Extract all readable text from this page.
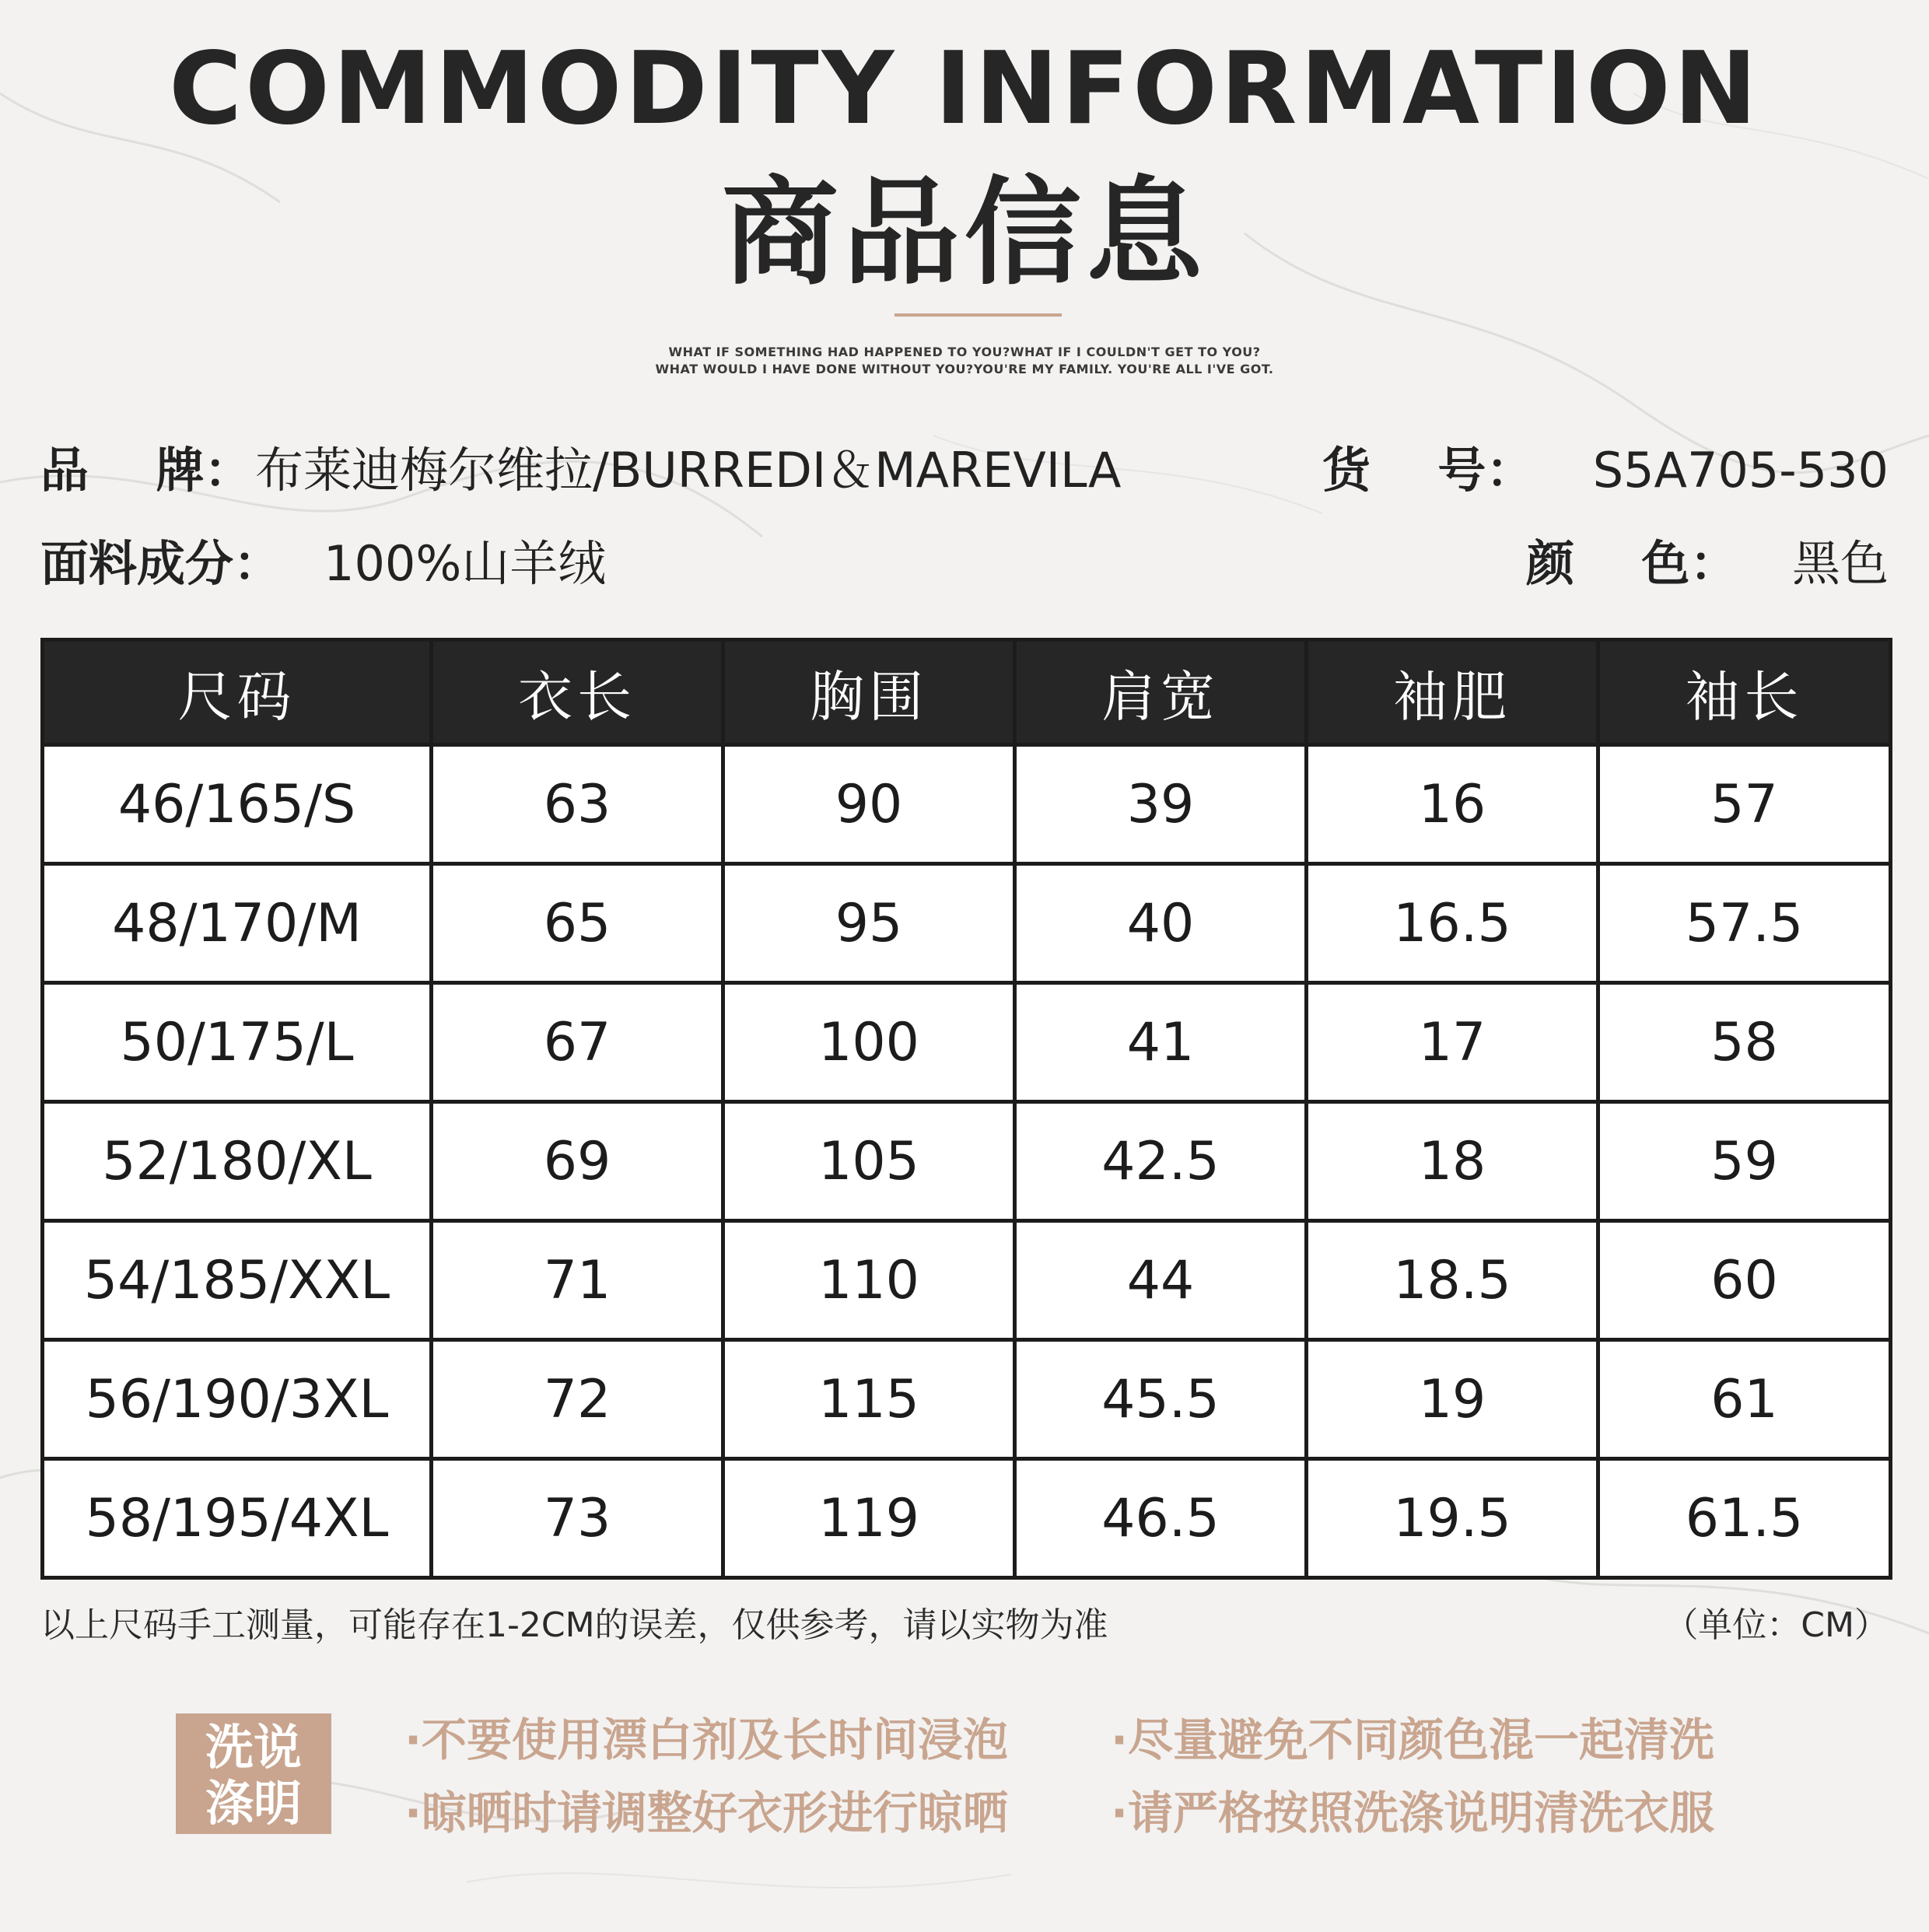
COMMODITY INFORMATION
商品信息
WHAT IF SOMETHING HAD HAPPENED TO YOU?WHAT IF I COULDN'T GET TO YOU?
WHAT WOULD I HAVE DONE WITHOUT YOU?YOU'RE MY FAMILY. YOU'RE ALL I'VE GOT.
品    牌： 布莱迪梅尔维拉/BURREDI＆MAREVILA	货    号： S5A705-530
面料成分： 100%山羊绒	颜    色： 黑色
尺码	衣长	胸围	肩宽	袖肥	袖长
46/165/S	63	90	39	16	57
48/170/M	65	95	40	16.5	57.5
50/175/L	67	100	41	17	58
52/180/XL	69	105	42.5	18	59
54/185/XXL	71	110	44	18.5	60
56/190/3XL	72	115	45.5	19	61
58/195/4XL	73	119	46.5	19.5	61.5
以上尺码手工测量，可能存在1-2CM的误差，仅供参考，请以实物为准	（单位：CM）
洗说
涤明
·不要使用漂白剂及长时间浸泡 ·尽量避免不同颜色混一起清洗
·晾晒时请调整好衣形进行晾晒 ·请严格按照洗涤说明清洗衣服
